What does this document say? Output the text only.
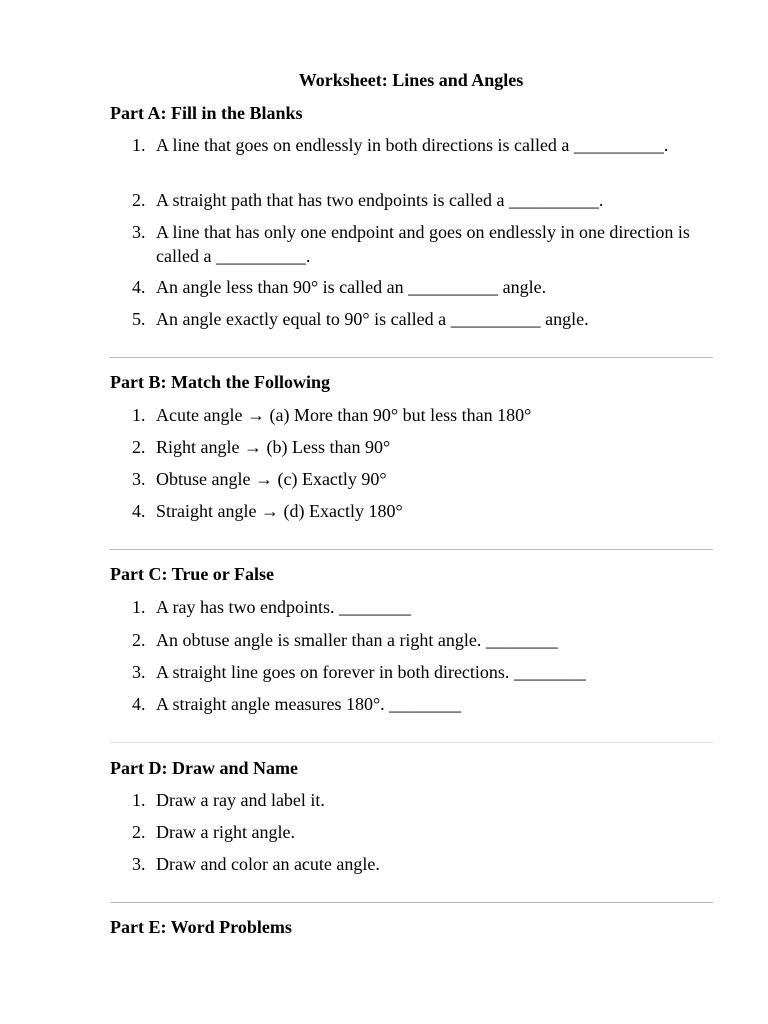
Worksheet: Lines and Angles
Part A: Fill in the Blanks
1. A line that goes on endlessly in both directions is called a __________.
2. A straight path that has two endpoints is called a __________.
3. A line that has only one endpoint and goes on endlessly in one direction is called a __________.
4. An angle less than 90° is called an __________ angle.
5. An angle exactly equal to 90° is called a __________ angle.
Part B: Match the Following
1. Acute angle → (a) More than 90° but less than 180°
2. Right angle → (b) Less than 90°
3. Obtuse angle → (c) Exactly 90°
4. Straight angle → (d) Exactly 180°
Part C: True or False
1. A ray has two endpoints. ________
2. An obtuse angle is smaller than a right angle. ________
3. A straight line goes on forever in both directions. ________
4. A straight angle measures 180°. ________
Part D: Draw and Name
1. Draw a ray and label it.
2. Draw a right angle.
3. Draw and color an acute angle.
Part E: Word Problems
